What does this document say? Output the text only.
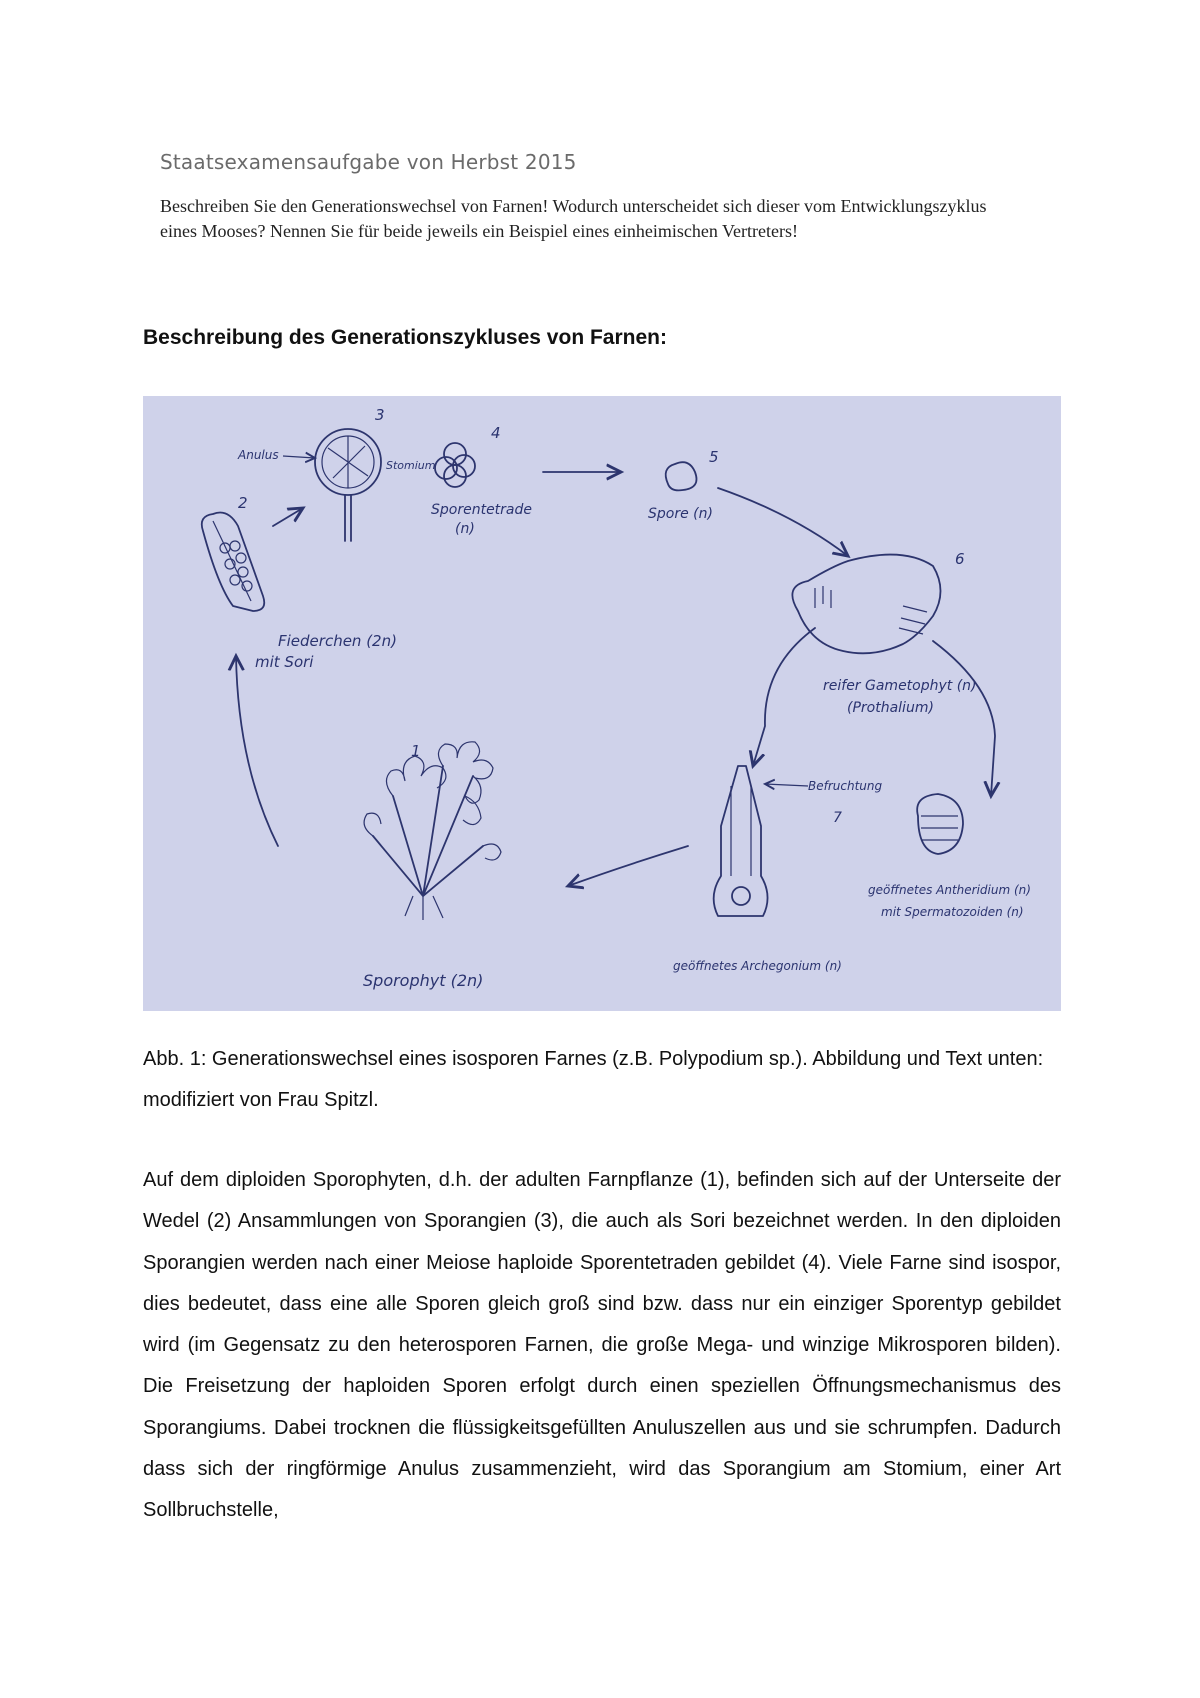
Staatsexamensaufgabe von Herbst 2015

Beschreiben Sie den Generationswechsel von Farnen! Wodurch unterscheidet sich dieser vom Entwicklungszyklus eines Mooses? Nennen Sie für beide jeweils ein Beispiel eines einheimischen Vertreters!

Beschreibung des Generationszykluses von Farnen:
2
3
Anulus
Stomium
4
Sporentetrade
(n)
5
Spore (n)
6
reifer Gametophyt (n)
(Prothalium)
Befruchtung
7
geöffnetes Archegonium (n)
geöffnetes Antheridium (n)
mit Spermatozoiden (n)
1
Sporophyt (2n)
Fiederchen (2n)
mit Sori

Abb. 1: Generationswechsel eines isosporen Farnes (z.B. Polypodium sp.). Abbildung und Text unten: modifiziert von Frau Spitzl.

Auf dem diploiden Sporophyten, d.h. der adulten Farnpflanze (1), befinden sich auf der Unterseite der Wedel (2) Ansammlungen von Sporangien (3), die auch als Sori bezeichnet werden. In den diploiden Sporangien werden nach einer Meiose haploide Sporentetraden gebildet (4). Viele Farne sind isospor, dies bedeutet, dass eine alle Sporen gleich groß sind bzw. dass nur ein einziger Sporentyp gebildet wird (im Gegensatz zu den heterosporen Farnen, die große Mega- und winzige Mikrosporen bilden). Die Freisetzung der haploiden Sporen erfolgt durch einen speziellen Öffnungsmechanismus des Sporangiums. Dabei trocknen die flüssigkeitsgefüllten Anuluszellen aus und sie schrumpfen. Dadurch dass sich der ringförmige Anulus zusammenzieht, wird das Sporangium am Stomium, einer Art Sollbruchstelle,
